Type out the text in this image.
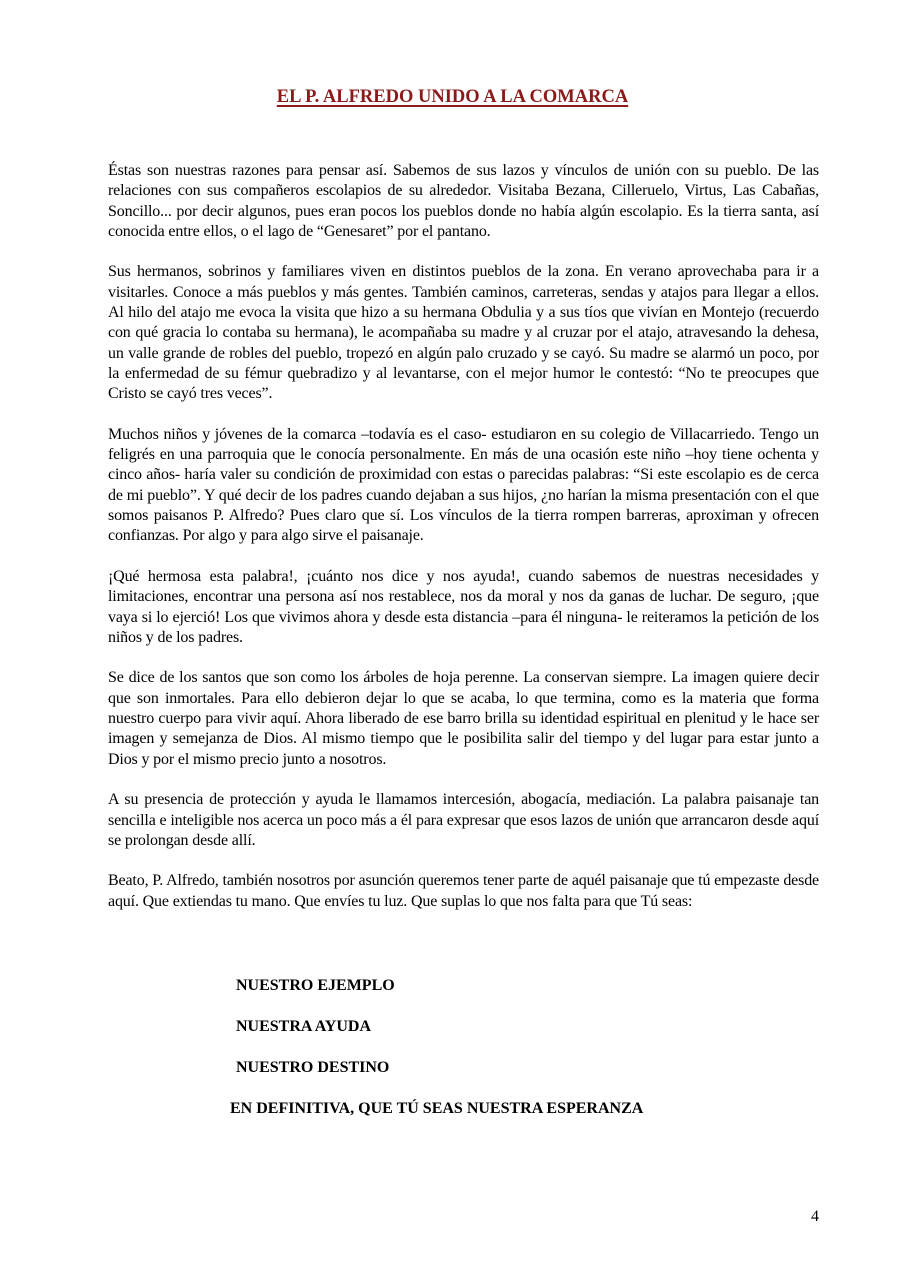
EL P. ALFREDO UNIDO A LA COMARCA

Éstas son nuestras razones para pensar así. Sabemos de sus lazos y vínculos de unión con su pueblo. De las relaciones con sus compañeros escolapios de su alrededor. Visitaba Bezana, Cilleruelo, Virtus, Las Cabañas, Soncillo... por decir algunos, pues eran pocos los pueblos donde no había algún escolapio. Es la tierra santa, así conocida entre ellos, o el lago de “Genesaret” por el pantano.

Sus hermanos, sobrinos y familiares viven en distintos pueblos de la zona. En verano aprovechaba para ir a visitarles. Conoce a más pueblos y más gentes. También caminos, carreteras, sendas y atajos para llegar a ellos. Al hilo del atajo me evoca la visita que hizo a su hermana Obdulia y a sus tíos que vivían en Montejo (recuerdo con qué gracia lo contaba su hermana), le acompañaba su madre y al cruzar por el atajo, atravesando la dehesa, un valle grande de robles del pueblo, tropezó en algún palo cruzado y se cayó. Su madre se alarmó un poco, por la enfermedad de su fémur quebradizo y al levantarse, con el mejor humor le contestó: “No te preocupes que Cristo se cayó tres veces”.

Muchos niños y jóvenes de la comarca –todavía es el caso- estudiaron en su colegio de Villacarriedo. Tengo un feligrés en una parroquia que le conocía personalmente. En más de una ocasión este niño –hoy tiene ochenta y cinco años- haría valer su condición de proximidad con estas o parecidas palabras: “Si este escolapio es de cerca de mi pueblo”. Y qué decir de los padres cuando dejaban a sus hijos, ¿no harían la misma presentación con el que somos paisanos P. Alfredo? Pues claro que sí. Los vínculos de la tierra rompen barreras, aproximan y ofrecen confianzas. Por algo y para algo sirve el paisanaje.

¡Qué hermosa esta palabra!, ¡cuánto nos dice y nos ayuda!, cuando sabemos de nuestras necesidades y limitaciones, encontrar una persona así nos restablece, nos da moral y nos da ganas de luchar. De seguro, ¡que vaya si lo ejerció! Los que vivimos ahora y desde esta distancia –para él ninguna- le reiteramos la petición de los niños y de los padres.

Se dice de los santos que son como los árboles de hoja perenne. La conservan siempre. La imagen quiere decir que son inmortales. Para ello debieron dejar lo que se acaba, lo que termina, como es la materia que forma nuestro cuerpo para vivir aquí. Ahora liberado de ese barro brilla su identidad espiritual en plenitud y le hace ser imagen y semejanza de Dios. Al mismo tiempo que le posibilita salir del tiempo y del lugar para estar junto a Dios y por el mismo precio junto a nosotros.

A su presencia de protección y ayuda le llamamos intercesión, abogacía, mediación. La palabra paisanaje tan sencilla e inteligible nos acerca un poco más a él para expresar que esos lazos de unión que arrancaron desde aquí se prolongan desde allí.

Beato, P. Alfredo, también nosotros por asunción queremos tener parte de aquél paisanaje que tú empezaste desde aquí. Que extiendas tu mano. Que envíes tu luz. Que suplas lo que nos falta para que Tú seas:

NUESTRO EJEMPLO
NUESTRA AYUDA
NUESTRO DESTINO
EN DEFINITIVA, QUE TÚ SEAS NUESTRA ESPERANZA
4
